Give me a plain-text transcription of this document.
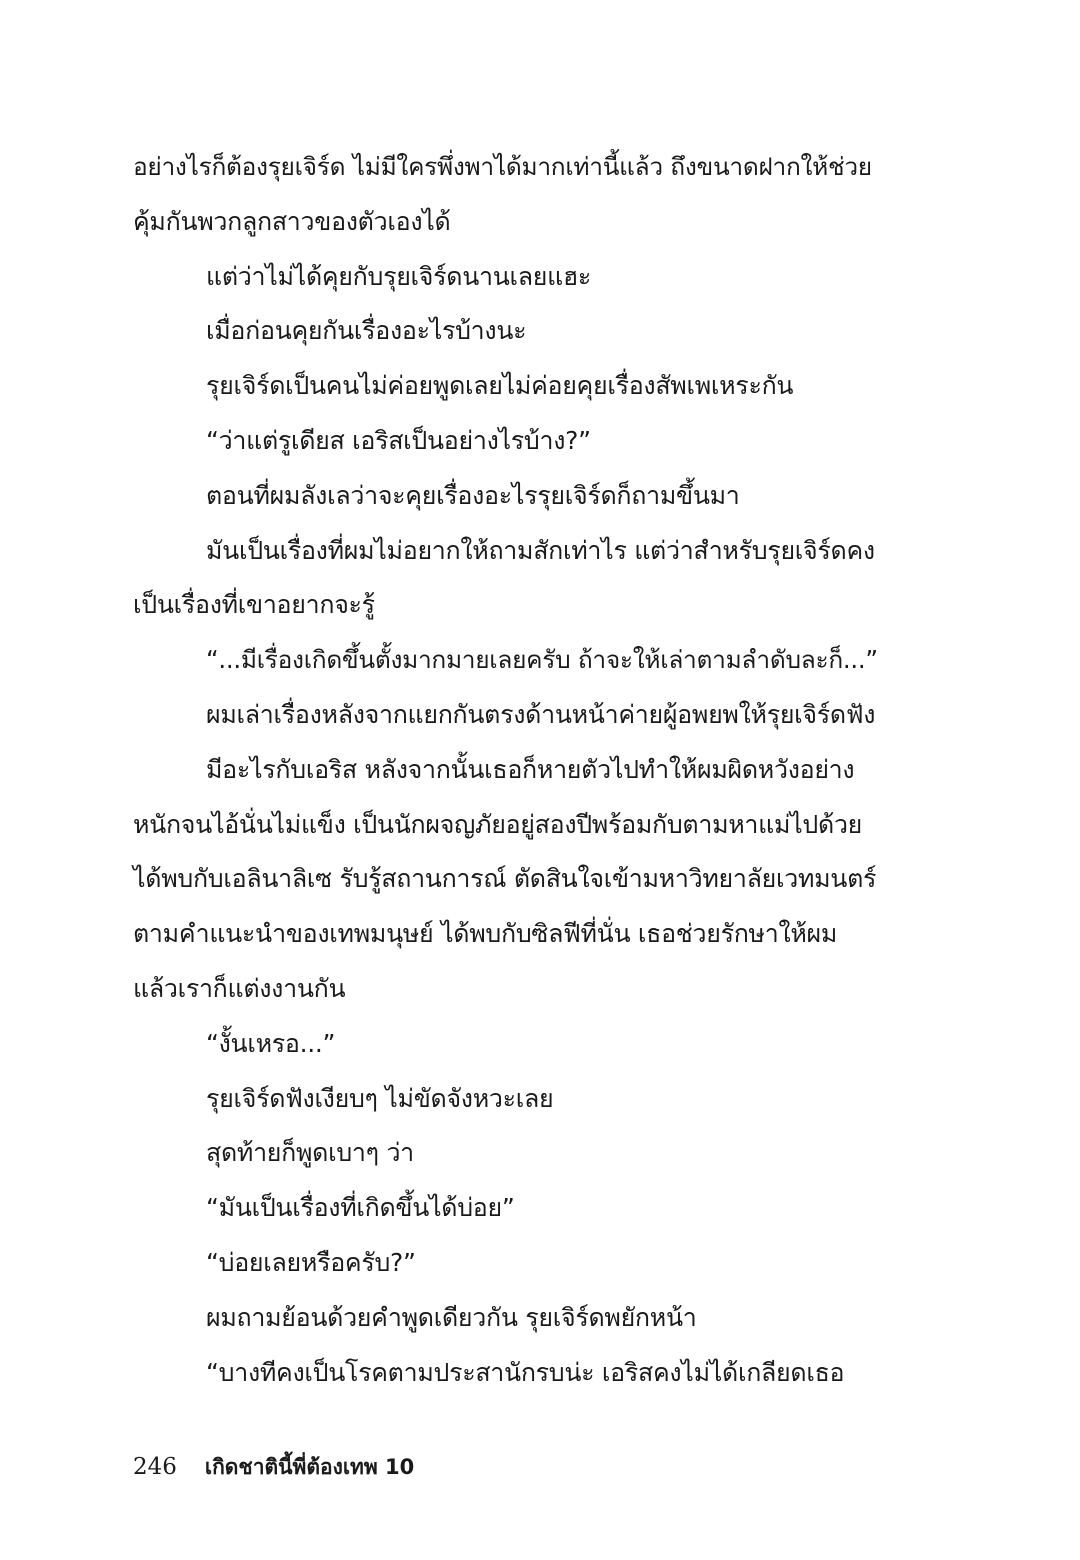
อย่างไรก็ต้องรุยเจิร์ด ไม่มีใครพึ่งพาได้มากเท่านี้แล้ว ถึงขนาดฝากให้ช่วย
คุ้มกันพวกลูกสาวของตัวเองได้
แต่ว่าไม่ได้คุยกับรุยเจิร์ดนานเลยแฮะ
เมื่อก่อนคุยกันเรื่องอะไรบ้างนะ
รุยเจิร์ดเป็นคนไม่ค่อยพูดเลยไม่ค่อยคุยเรื่องสัพเพเหระกัน
“ว่าแต่รูเดียส เอริสเป็นอย่างไรบ้าง?”
ตอนที่ผมลังเลว่าจะคุยเรื่องอะไรรุยเจิร์ดก็ถามขึ้นมา
มันเป็นเรื่องที่ผมไม่อยากให้ถามสักเท่าไร แต่ว่าสำหรับรุยเจิร์ดคง
เป็นเรื่องที่เขาอยากจะรู้
“...มีเรื่องเกิดขึ้นตั้งมากมายเลยครับ ถ้าจะให้เล่าตามลำดับละก็...”
ผมเล่าเรื่องหลังจากแยกกันตรงด้านหน้าค่ายผู้อพยพให้รุยเจิร์ดฟัง
มีอะไรกับเอริส หลังจากนั้นเธอก็หายตัวไปทำให้ผมผิดหวังอย่าง
หนักจนไอ้นั่นไม่แข็ง เป็นนักผจญภัยอยู่สองปีพร้อมกับตามหาแม่ไปด้วย
ได้พบกับเอลินาลิเซ รับรู้สถานการณ์ ตัดสินใจเข้ามหาวิทยาลัยเวทมนตร์
ตามคำแนะนำของเทพมนุษย์ ได้พบกับซิลฟีที่นั่น เธอช่วยรักษาให้ผม
แล้วเราก็แต่งงานกัน
“งั้นเหรอ...”
รุยเจิร์ดฟังเงียบๆ ไม่ขัดจังหวะเลย
สุดท้ายก็พูดเบาๆ ว่า
“มันเป็นเรื่องที่เกิดขึ้นได้บ่อย”
“บ่อยเลยหรือครับ?”
ผมถามย้อนด้วยคำพูดเดียวกัน รุยเจิร์ดพยักหน้า
“บางทีคงเป็นโรคตามประสานักรบน่ะ เอริสคงไม่ได้เกลียดเธอ
246 เกิดชาตินี้พี่ต้องเทพ 10
